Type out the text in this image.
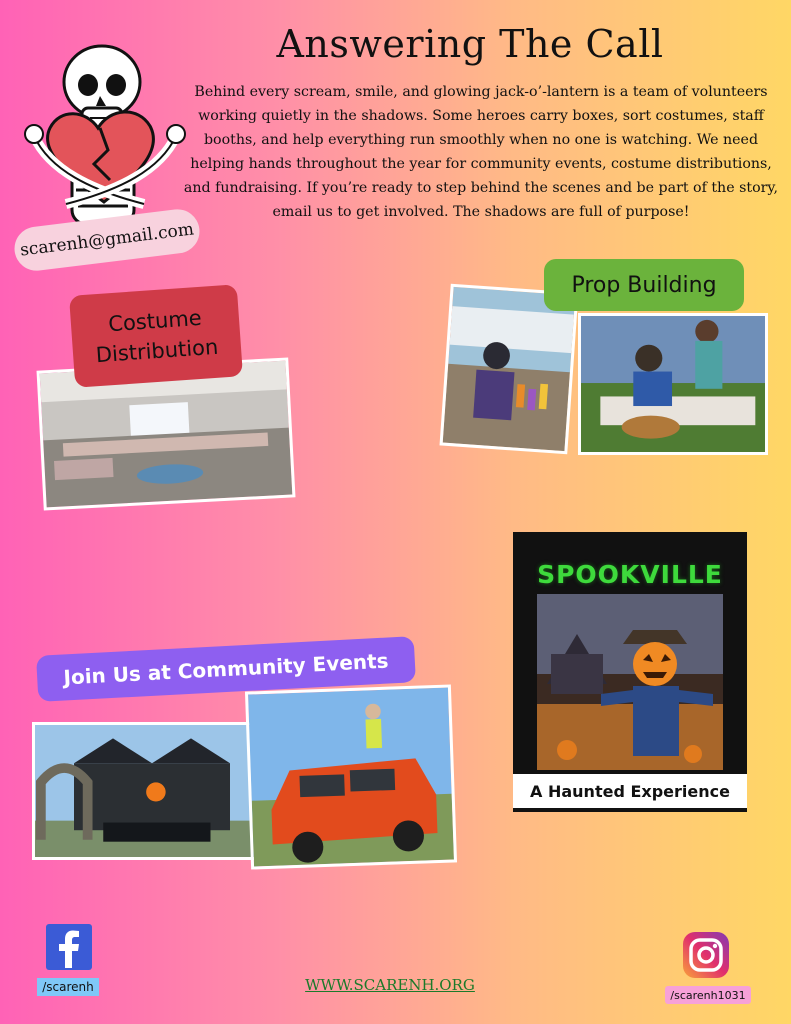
scarenh@gmail.com
Answering The Call
Behind every scream, smile, and glowing jack-o’-lantern is a team of volunteers working quietly in the shadows. Some heroes carry boxes, sort costumes, staff booths, and help everything run smoothly when no one is watching. We need helping hands throughout the year for community events, costume distributions, and fundraising. If you’re ready to step behind the scenes and be part of the story, email us to get involved. The shadows are full of purpose!
Costume Distribution
Prop Building
SPOOKVILLE
A Haunted Experience
Join Us at Community Events
/scarenh	WWW.SCARENH.ORG
/scarenh1031
